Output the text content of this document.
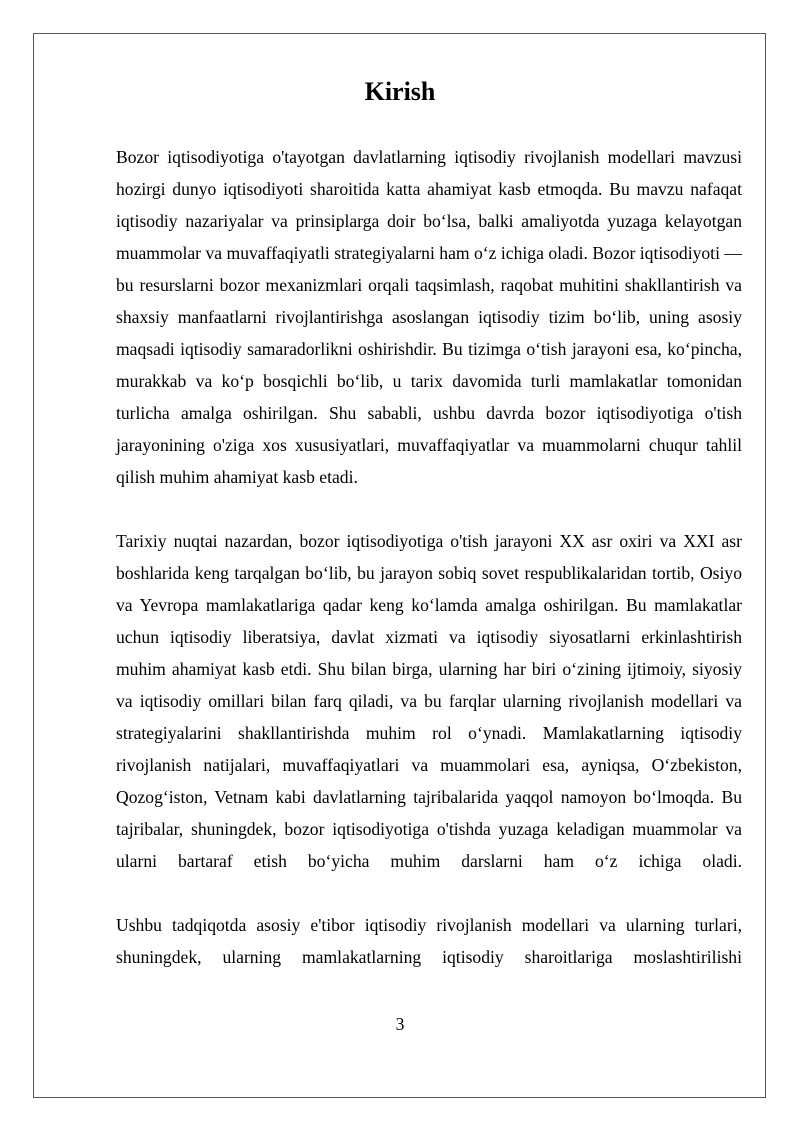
Kirish

Bozor iqtisodiyotiga o'tayotgan davlatlarning iqtisodiy rivojlanish modellari mavzusi hozirgi dunyo iqtisodiyoti sharoitida katta ahamiyat kasb etmoqda. Bu mavzu nafaqat iqtisodiy nazariyalar va prinsiplarga doir bo‘lsa, balki amaliyotda yuzaga kelayotgan muammolar va muvaffaqiyatli strategiyalarni ham o‘z ichiga oladi. Bozor iqtisodiyoti — bu resurslarni bozor mexanizmlari orqali taqsimlash, raqobat muhitini shakllantirish va shaxsiy manfaatlarni rivojlantirishga asoslangan iqtisodiy tizim bo‘lib, uning asosiy maqsadi iqtisodiy samaradorlikni oshirishdir. Bu tizimga o‘tish jarayoni esa, ko‘pincha, murakkab va ko‘p bosqichli bo‘lib, u tarix davomida turli mamlakatlar tomonidan turlicha amalga oshirilgan. Shu sababli, ushbu davrda bozor iqtisodiyotiga o'tish jarayonining o'ziga xos xususiyatlari, muvaffaqiyatlar va muammolarni chuqur tahlil qilish muhim ahamiyat kasb etadi.

Tarixiy nuqtai nazardan, bozor iqtisodiyotiga o'tish jarayoni XX asr oxiri va XXI asr boshlarida keng tarqalgan bo‘lib, bu jarayon sobiq sovet respublikalaridan tortib, Osiyo va Yevropa mamlakatlariga qadar keng ko‘lamda amalga oshirilgan. Bu mamlakatlar uchun iqtisodiy liberatsiya, davlat xizmati va iqtisodiy siyosatlarni erkinlashtirish muhim ahamiyat kasb etdi. Shu bilan birga, ularning har biri o‘zining ijtimoiy, siyosiy va iqtisodiy omillari bilan farq qiladi, va bu farqlar ularning rivojlanish modellari va strategiyalarini shakllantirishda muhim rol o‘ynadi. Mamlakatlarning iqtisodiy rivojlanish natijalari, muvaffaqiyatlari va muammolari esa, ayniqsa, O‘zbekiston, Qozog‘iston, Vetnam kabi davlatlarning tajribalarida yaqqol namoyon bo‘lmoqda. Bu tajribalar, shuningdek, bozor iqtisodiyotiga o'tishda yuzaga keladigan muammolar va ularni bartaraf etish bo‘yicha muhim darslarni ham o‘z ichiga oladi.

Ushbu tadqiqotda asosiy e'tibor iqtisodiy rivojlanish modellari va ularning turlari, shuningdek, ularning mamlakatlarning iqtisodiy sharoitlariga moslashtirilishi

3
